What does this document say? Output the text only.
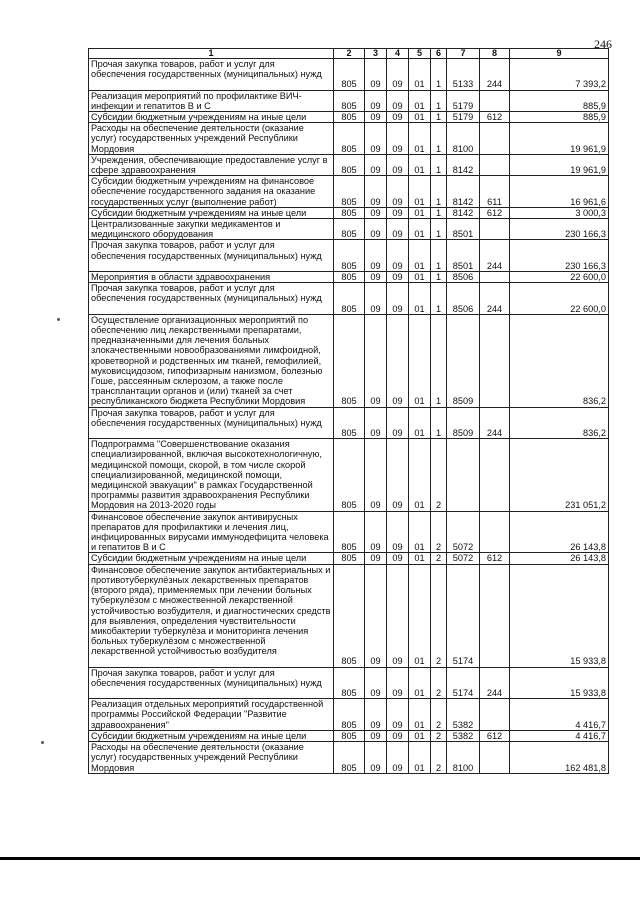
246
1	2	3	4	5	6	7	8	9
Прочая закупка товаров, работ и услуг для обеспечения государственных (муниципальных) нужд	805	09	09	01	1	5133	244	7 393,2
Реализация мероприятий по профилактике ВИЧ-инфекции и гепатитов В и С	805	09	09	01	1	5179		885,9
Субсидии бюджетным учреждениям на иные цели	805	09	09	01	1	5179	612	885,9
Расходы на обеспечение деятельности (оказание услуг) государственных учреждений Республики Мордовия	805	09	09	01	1	8100		19 961,9
Учреждения, обеспечивающие предоставление услуг в сфере здравоохранения	805	09	09	01	1	8142		19 961,9
Субсидии бюджетным учреждениям на финансовое обеспечение государственного задания на оказание государственных услуг (выполнение работ)	805	09	09	01	1	8142	611	16 961,6
Субсидии бюджетным учреждениям на иные цели	805	09	09	01	1	8142	612	3 000,3
Централизованные закупки медикаментов и медицинского оборудования	805	09	09	01	1	8501		230 166,3
Прочая закупка товаров, работ и услуг для обеспечения государственных (муниципальных) нужд	805	09	09	01	1	8501	244	230 166,3
Мероприятия в области здравоохранения	805	09	09	01	1	8506		22 600,0
Прочая закупка товаров, работ и услуг для обеспечения государственных (муниципальных) нужд	805	09	09	01	1	8506	244	22 600,0
Осуществление организационных мероприятий по обеспечению лиц лекарственными препаратами, предназначенными для лечения больных злокачественными новообразованиями лимфоидной, кроветворной и родственных им тканей, гемофилией, муковисцидозом, гипофизарным нанизмом, болезнью Гоше, рассеянным склерозом, а также после трансплантации органов и (или) тканей за счет республиканского бюджета Республики Мордовия	805	09	09	01	1	8509		836,2
Прочая закупка товаров, работ и услуг для обеспечения государственных (муниципальных) нужд	805	09	09	01	1	8509	244	836,2
Подпрограмма "Совершенствование оказания специализированной, включая высокотехнологичную, медицинской помощи, скорой, в том числе скорой специализированной, медицинской помощи, медицинской эвакуации" в рамках Государственной программы развития здравоохранения Республики Мордовия на 2013-2020 годы	805	09	09	01	2			231 051,2
Финансовое обеспечение закупок антивирусных препаратов для профилактики и лечения лиц, инфицированных вирусами иммунодефицита человека и гепатитов В и С	805	09	09	01	2	5072		26 143,8
Субсидии бюджетным учреждениям на иные цели	805	09	09	01	2	5072	612	26 143,8
Финансовое обеспечение закупок антибактериальных и противотуберкулёзных лекарственных препаратов (второго ряда), применяемых при лечении больных туберкулёзом с множественной лекарственной устойчивостью возбудителя, и диагностических средств для выявления, определения чувствительности микобактерии туберкулёза и мониторинга лечения больных туберкулёзом с множественной лекарственной устойчивостью возбудителя	805	09	09	01	2	5174		15 933,8
Прочая закупка товаров, работ и услуг для обеспечения государственных (муниципальных) нужд	805	09	09	01	2	5174	244	15 933,8
Реализация отдельных мероприятий государственной программы Российской Федерации "Развитие здравоохранения"	805	09	09	01	2	5382		4 416,7
Субсидии бюджетным учреждениям на иные цели	805	09	09	01	2	5382	612	4 416,7
Расходы на обеспечение деятельности (оказание услуг) государственных учреждений Республики Мордовия	805	09	09	01	2	8100		162 481,8
